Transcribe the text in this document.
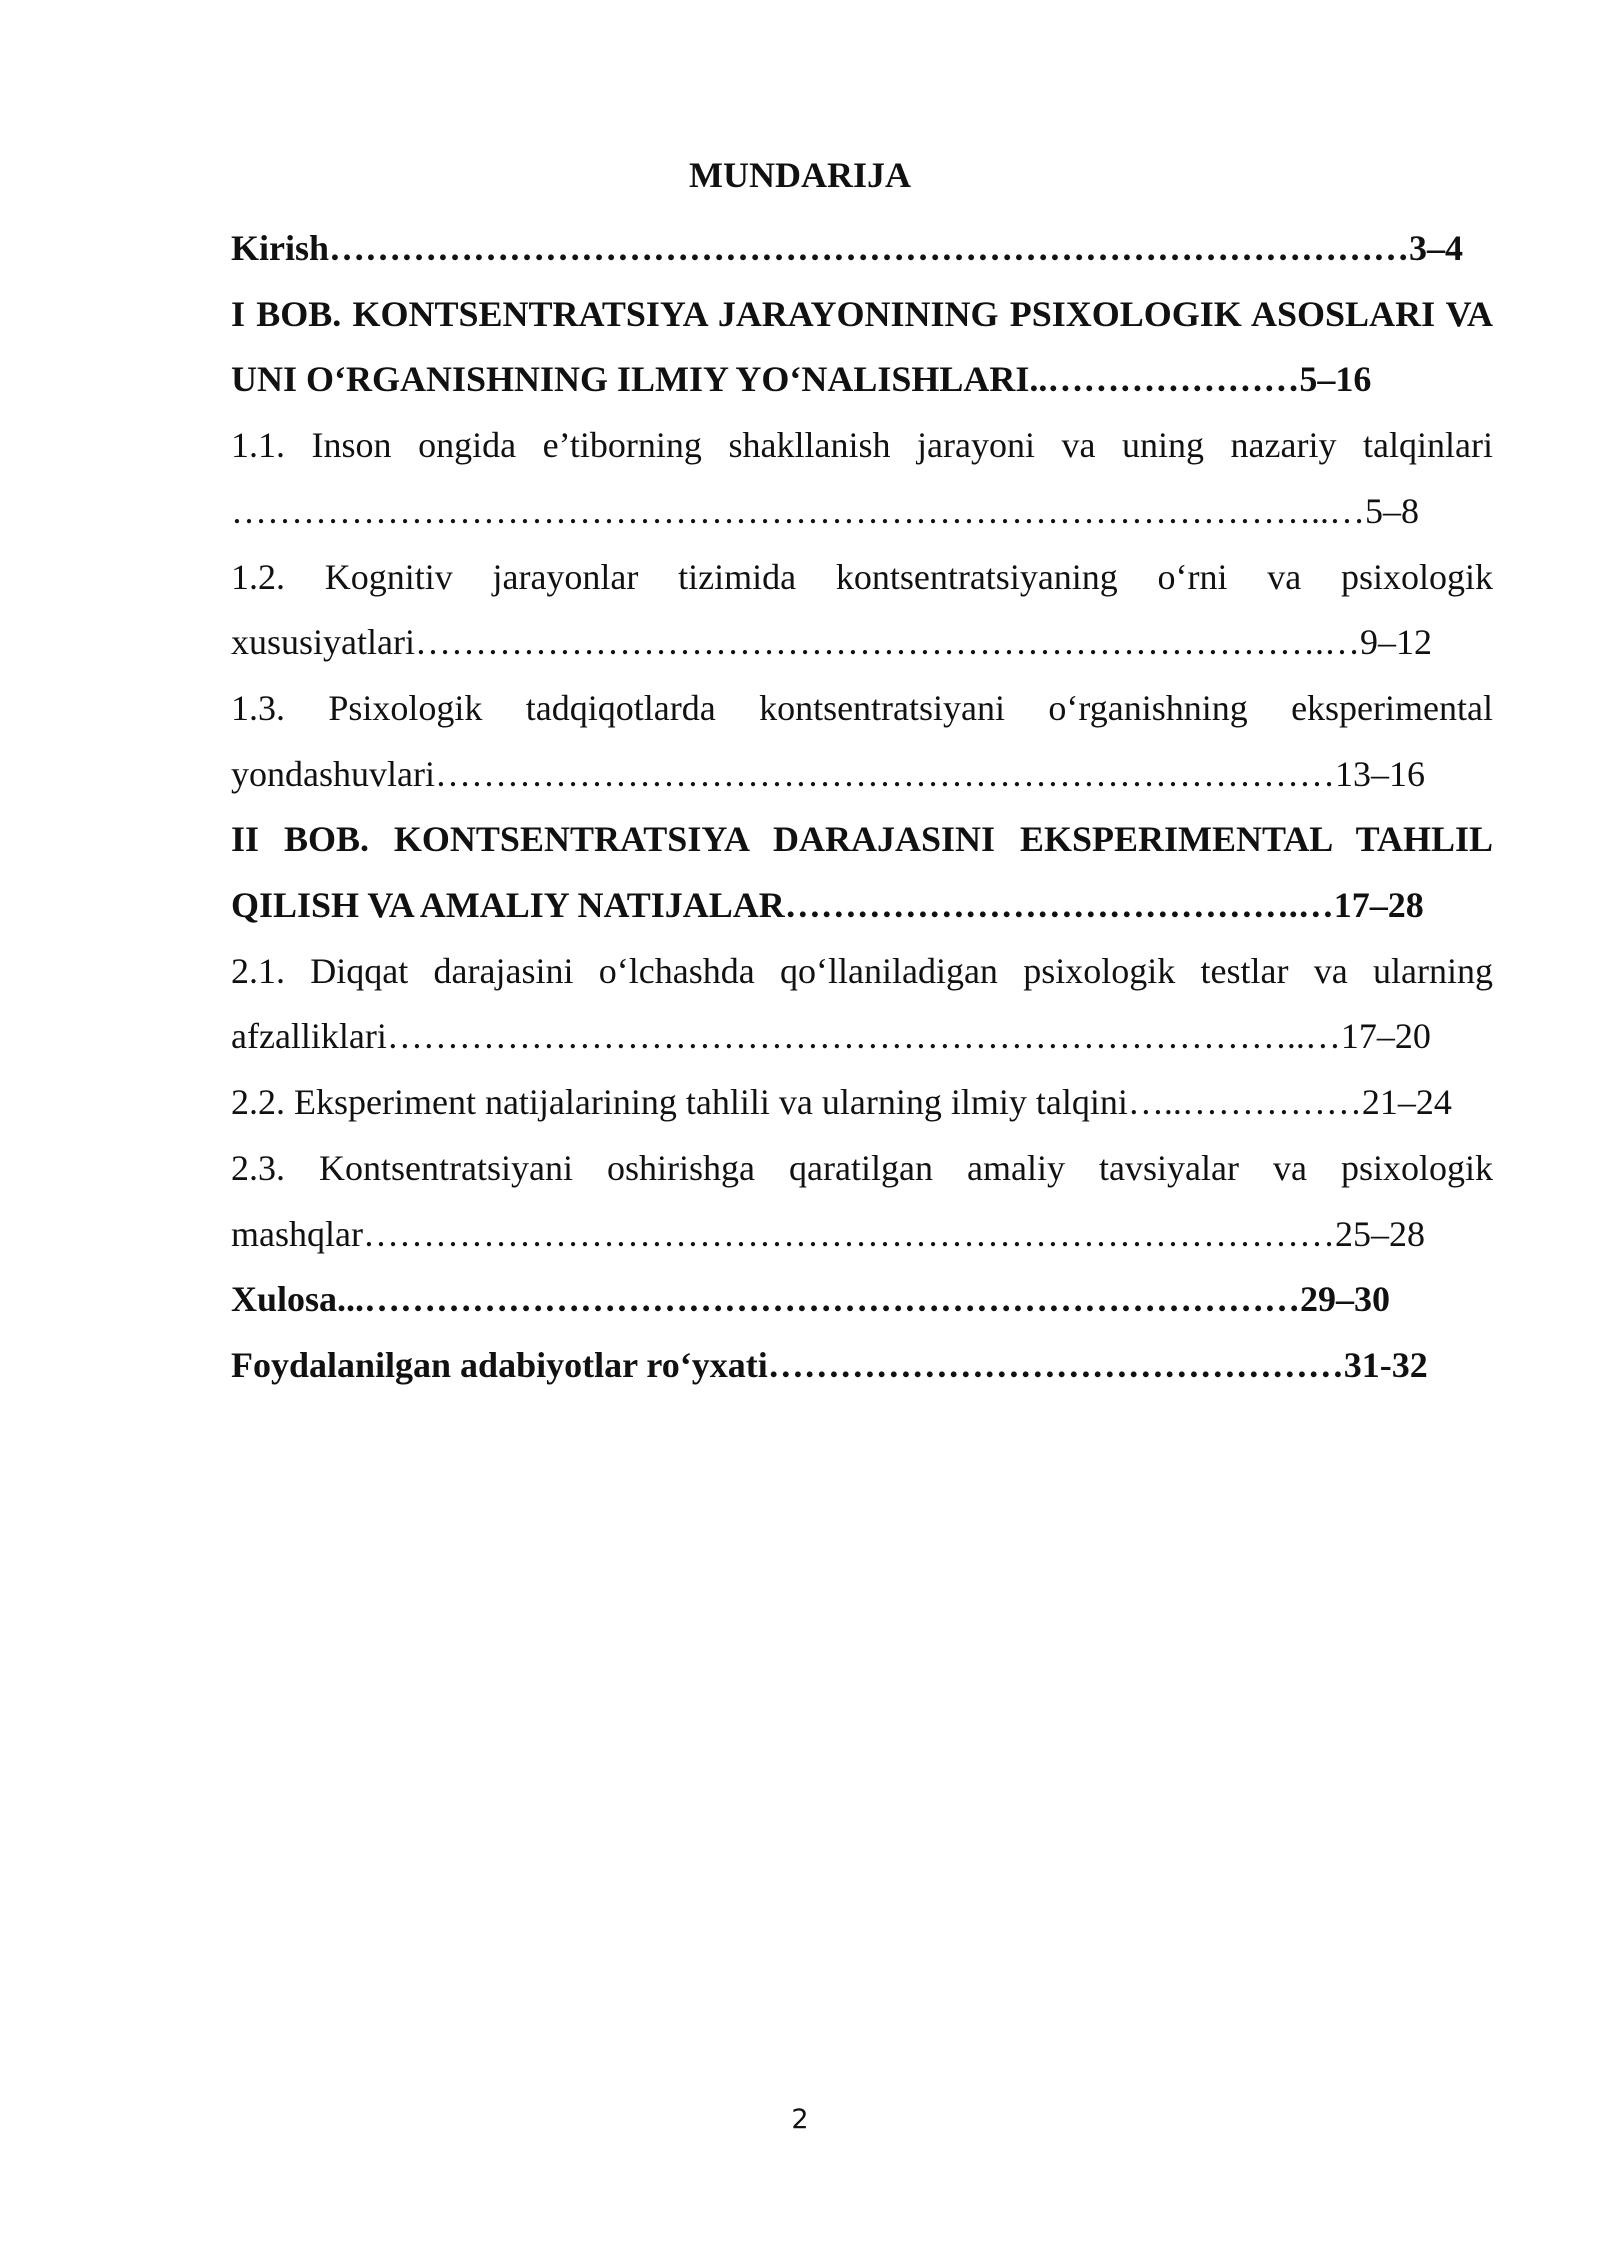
MUNDARIJA

Kirish………………………………………………………………………………3–4

I BOB. KONTSENTRATSIYA JARAYONINING PSIXOLOGIK ASOSLARI VA UNI O‘RGANISHNING ILMIY YO‘NALISHLARI..…………………5–16

1.1. Inson ongida e’tiborning shakllanish jarayoni va uning nazariy talqinlari ………………………………………………………………………………..…5–8

1.2. Kognitiv jarayonlar tizimida kontsentratsiyaning o‘rni va psixologik xususiyatlari………………………………………………………………….…9–12

1.3. Psixologik tadqiqotlarda kontsentratsiyani o‘rganishning eksperimental yondashuvlari…………………………………………………………………13–16

II BOB. KONTSENTRATSIYA DARAJASINI EKSPERIMENTAL TAHLIL QILISH VA AMALIY NATIJALAR…………………………………….…17–28

2.1. Diqqat darajasini o‘lchashda qo‘llaniladigan psixologik testlar va ularning afzalliklari…………………………………………………………………..…17–20

2.2. Eksperiment natijalarining tahlili va ularning ilmiy talqini…..……………21–24

2.3. Kontsentratsiyani oshirishga qaratilgan amaliy tavsiyalar va psixologik mashqlar………………………………………………………………………25–28

Xulosa...……………………………………………………………………29–30

Foydalanilgan adabiyotlar ro‘yxati…………………………………………31-32

2
